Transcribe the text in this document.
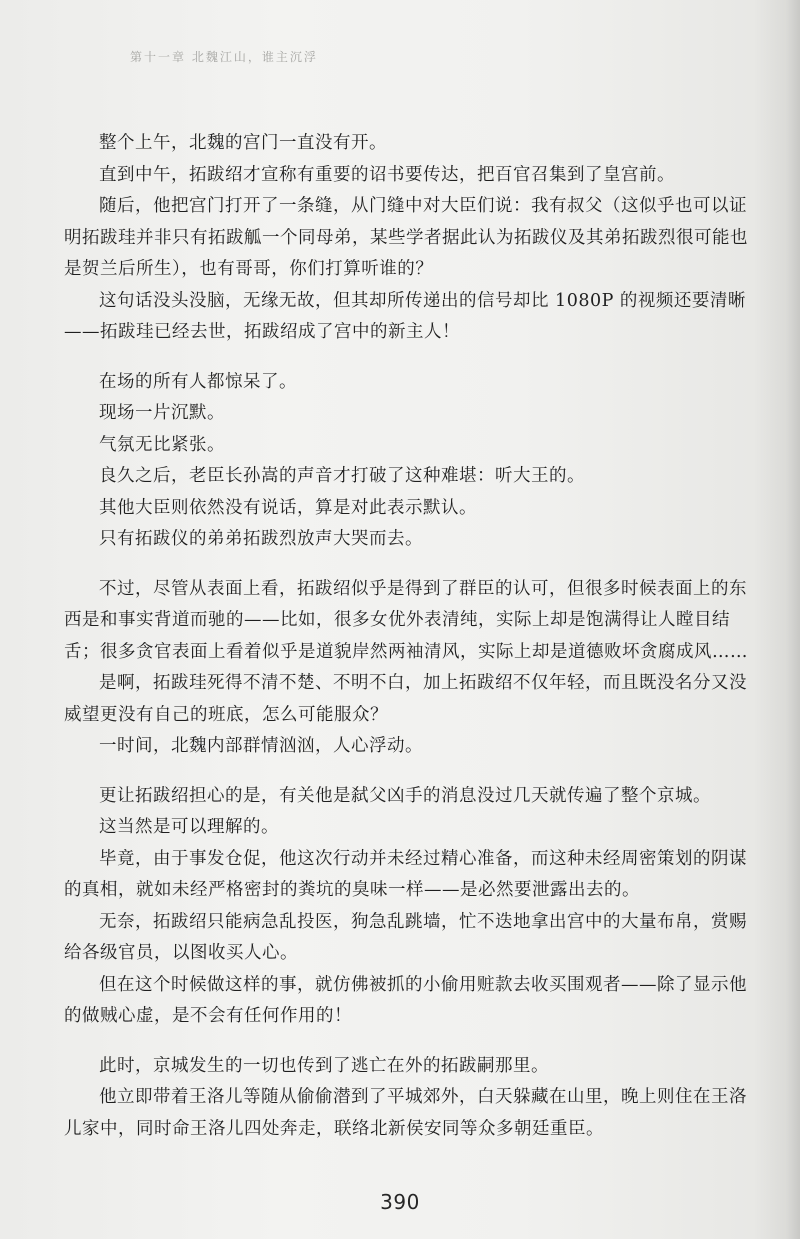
第十一章 北魏江山，谁主沉浮

整个上午，北魏的宫门一直没有开。

直到中午，拓跋绍才宣称有重要的诏书要传达，把百官召集到了皇宫前。

随后，他把宫门打开了一条缝，从门缝中对大臣们说：我有叔父（这似乎也可以证明拓跋珪并非只有拓跋觚一个同母弟，某些学者据此认为拓跋仪及其弟拓跋烈很可能也是贺兰后所生），也有哥哥，你们打算听谁的？

这句话没头没脑，无缘无故，但其却所传递出的信号却比 1080P 的视频还要清晰——拓跋珪已经去世，拓跋绍成了宫中的新主人！

在场的所有人都惊呆了。

现场一片沉默。

气氛无比紧张。

良久之后，老臣长孙嵩的声音才打破了这种难堪：听大王的。

其他大臣则依然没有说话，算是对此表示默认。

只有拓跋仪的弟弟拓跋烈放声大哭而去。

不过，尽管从表面上看，拓跋绍似乎是得到了群臣的认可，但很多时候表面上的东西是和事实背道而驰的——比如，很多女优外表清纯，实际上却是饱满得让人瞠目结舌；很多贪官表面上看着似乎是道貌岸然两袖清风，实际上却是道德败坏贪腐成风……

是啊，拓跋珪死得不清不楚、不明不白，加上拓跋绍不仅年轻，而且既没名分又没威望更没有自己的班底，怎么可能服众？

一时间，北魏内部群情汹汹，人心浮动。

更让拓跋绍担心的是，有关他是弑父凶手的消息没过几天就传遍了整个京城。

这当然是可以理解的。

毕竟，由于事发仓促，他这次行动并未经过精心准备，而这种未经周密策划的阴谋的真相，就如未经严格密封的粪坑的臭味一样——是必然要泄露出去的。

无奈，拓跋绍只能病急乱投医，狗急乱跳墙，忙不迭地拿出宫中的大量布帛，赏赐给各级官员，以图收买人心。

但在这个时候做这样的事，就仿佛被抓的小偷用赃款去收买围观者——除了显示他的做贼心虚，是不会有任何作用的！

此时，京城发生的一切也传到了逃亡在外的拓跋嗣那里。

他立即带着王洛儿等随从偷偷潜到了平城郊外，白天躲藏在山里，晚上则住在王洛儿家中，同时命王洛儿四处奔走，联络北新侯安同等众多朝廷重臣。

390
